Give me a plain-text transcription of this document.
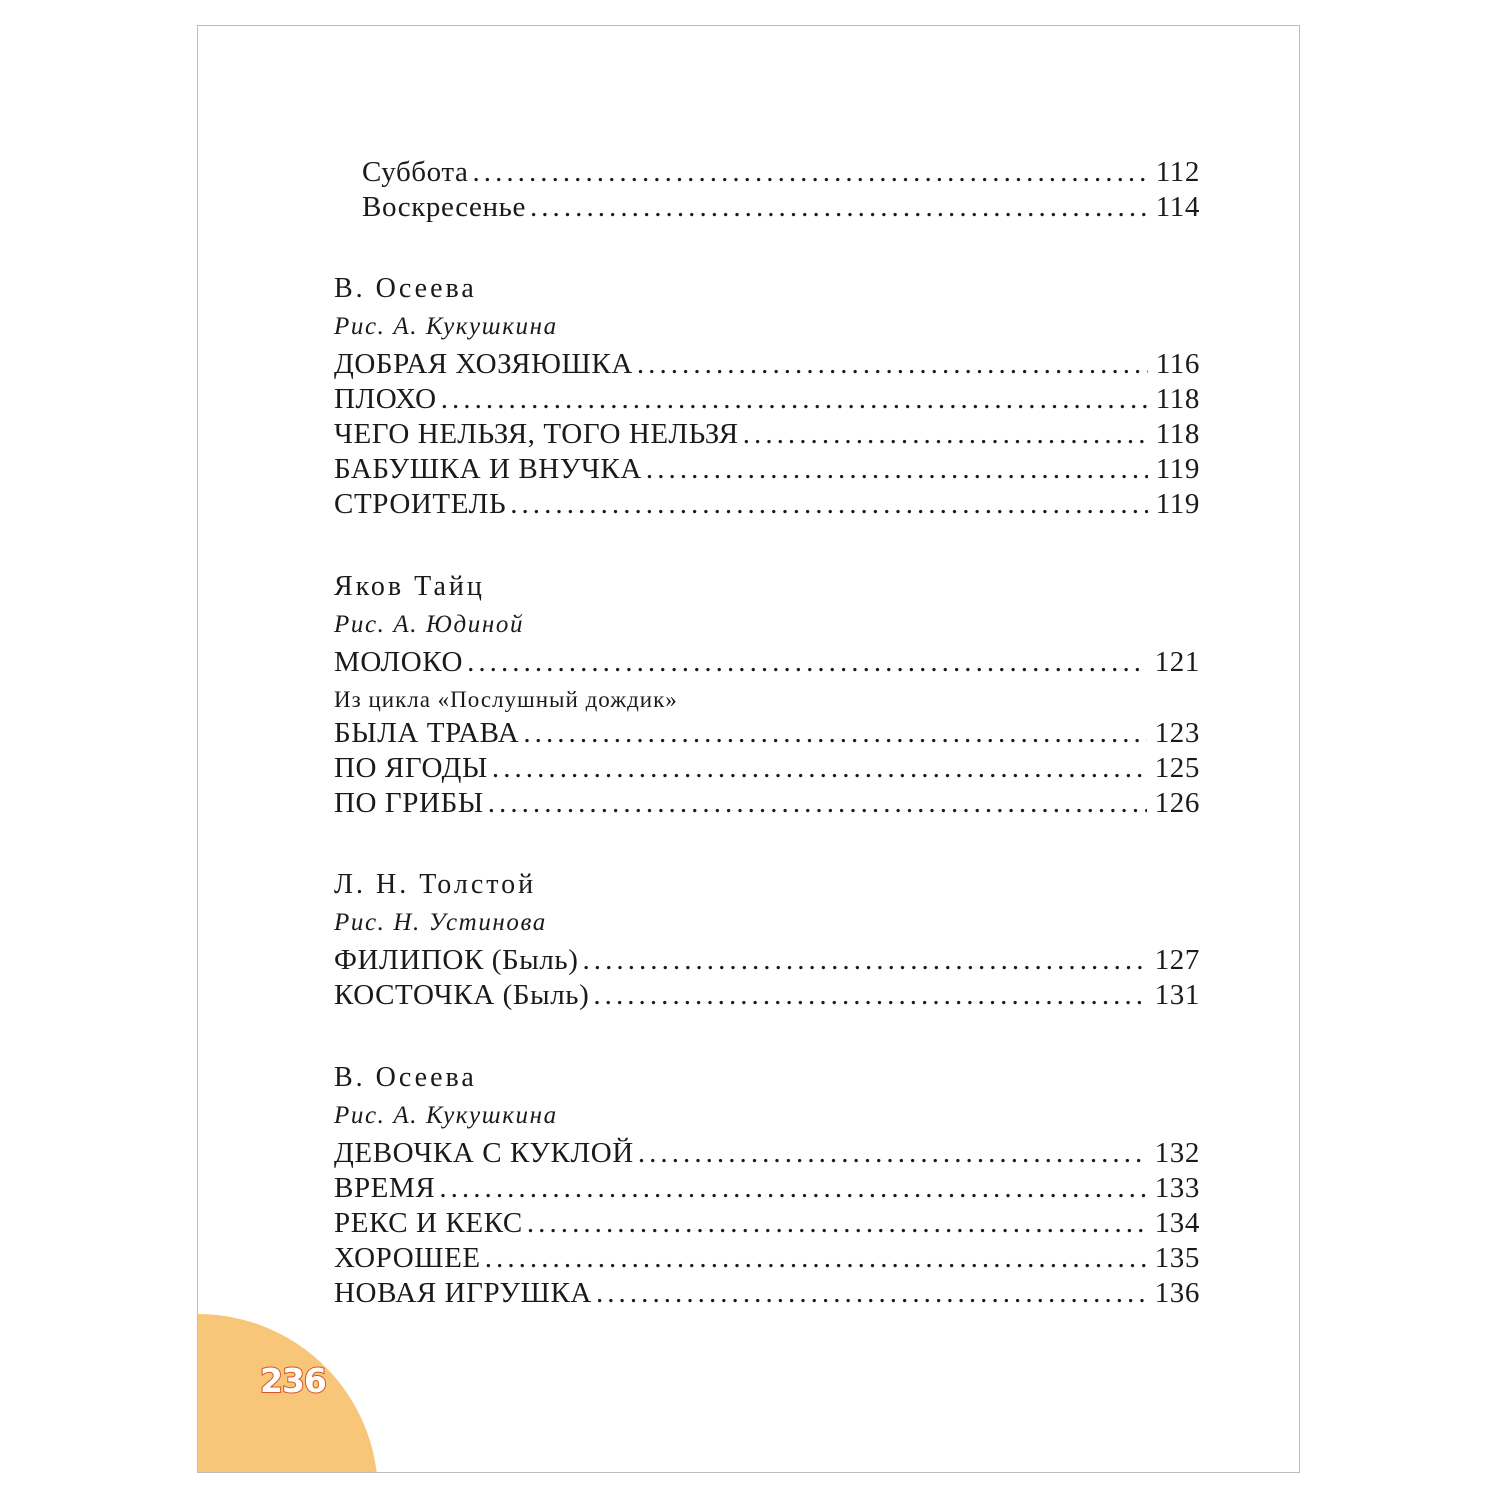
236
Суббота . . .	112
Воскресенье . . .	114
В. Осеева
Рис. А. Кукушкина
ДОБРАЯ ХОЗЯЮШКА . . .	116
ПЛОХО . . .	118
ЧЕГО НЕЛЬЗЯ, ТОГО НЕЛЬЗЯ . . .	118
БАБУШКА И ВНУЧКА . . .	119
СТРОИТЕЛЬ . . .	119
Яков Тайц
Рис. А. Юдиной
МОЛОКО . . .	121
Из цикла «Послушный дождик»
БЫЛА ТРАВА . . .	123
ПО ЯГОДЫ . . .	125
ПО ГРИБЫ . . .	126
Л. Н. Толстой
Рис. Н. Устинова
ФИЛИПОК (Быль) . . .	127
КОСТОЧКА (Быль) . . .	131
В. Осеева
Рис. А. Кукушкина
ДЕВОЧКА С КУКЛОЙ . . .	132
ВРЕМЯ . . .	133
РЕКС И КЕКС . . .	134
ХОРОШЕЕ . . .	135
НОВАЯ ИГРУШКА . . .	136
